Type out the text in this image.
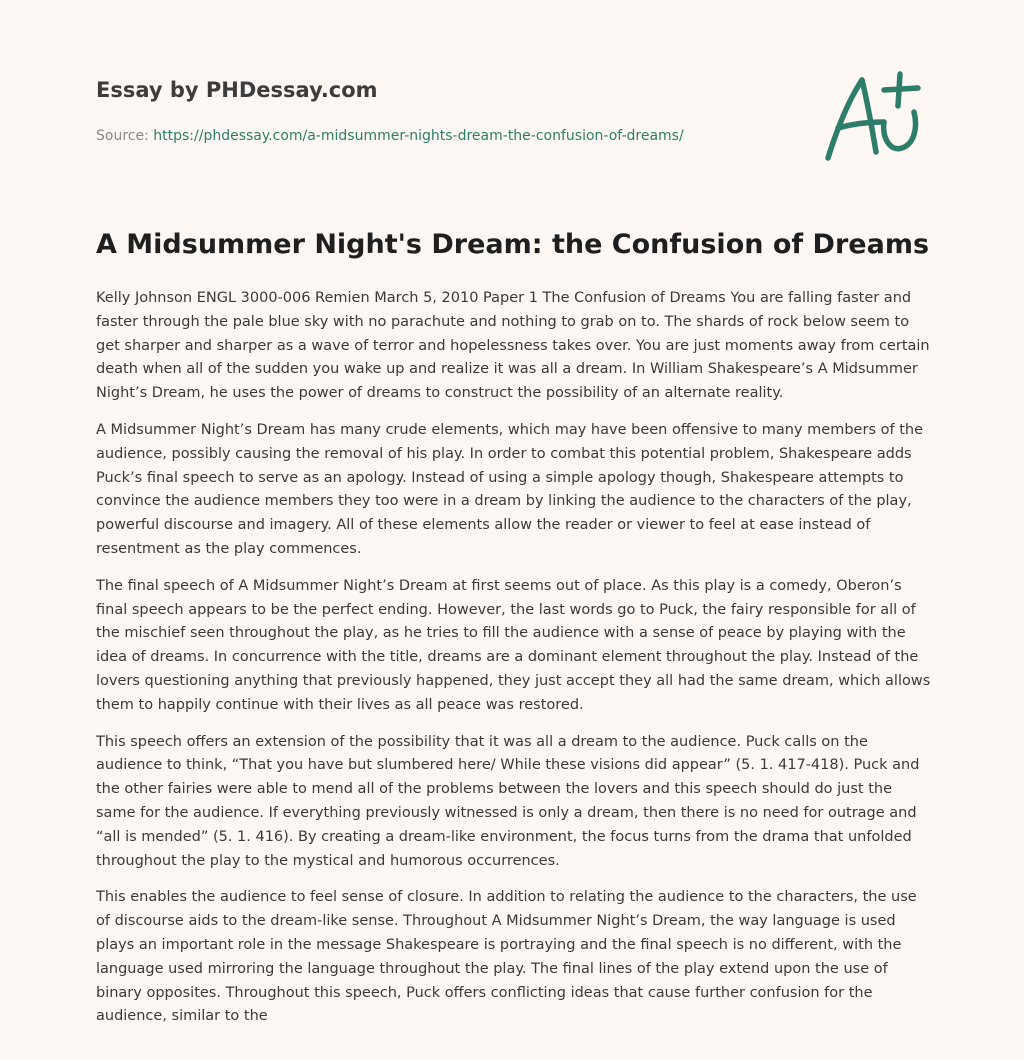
Essay by PHDessay.com
Source: https://phdessay.com/a-midsummer-nights-dream-the-confusion-of-dreams/
A Midsummer Night's Dream: the Confusion of Dreams

Kelly Johnson ENGL 3000-006 Remien March 5, 2010 Paper 1 The Confusion of Dreams You are falling faster and faster through the pale blue sky with no parachute and nothing to grab on to. The shards of rock below seem to get sharper and sharper as a wave of terror and hopelessness takes over. You are just moments away from certain death when all of the sudden you wake up and realize it was all a dream. In William Shakespeare’s A Midsummer Night’s Dream, he uses the power of dreams to construct the possibility of an alternate reality.

A Midsummer Night’s Dream has many crude elements, which may have been offensive to many members of the audience, possibly causing the removal of his play. In order to combat this potential problem, Shakespeare adds Puck’s final speech to serve as an apology. Instead of using a simple apology though, Shakespeare attempts to convince the audience members they too were in a dream by linking the audience to the characters of the play, powerful discourse and imagery. All of these elements allow the reader or viewer to feel at ease instead of resentment as the play commences.

The final speech of A Midsummer Night’s Dream at first seems out of place. As this play is a comedy, Oberon’s final speech appears to be the perfect ending. However, the last words go to Puck, the fairy responsible for all of the mischief seen throughout the play, as he tries to fill the audience with a sense of peace by playing with the idea of dreams. In concurrence with the title, dreams are a dominant element throughout the play. Instead of the lovers questioning anything that previously happened, they just accept they all had the same dream, which allows them to happily continue with their lives as all peace was restored.

This speech offers an extension of the possibility that it was all a dream to the audience. Puck calls on the audience to think, “That you have but slumbered here/ While these visions did appear” (5. 1. 417-418). Puck and the other fairies were able to mend all of the problems between the lovers and this speech should do just the same for the audience. If everything previously witnessed is only a dream, then there is no need for outrage and “all is mended” (5. 1. 416). By creating a dream-like environment, the focus turns from the drama that unfolded throughout the play to the mystical and humorous occurrences.

This enables the audience to feel sense of closure. In addition to relating the audience to the characters, the use of discourse aids to the dream-like sense. Throughout A Midsummer Night’s Dream, the way language is used plays an important role in the message Shakespeare is portraying and the final speech is no different, with the language used mirroring the language throughout the play. The final lines of the play extend upon the use of binary opposites. Throughout this speech, Puck offers conflicting ideas that cause further confusion for the audience, similar to the
